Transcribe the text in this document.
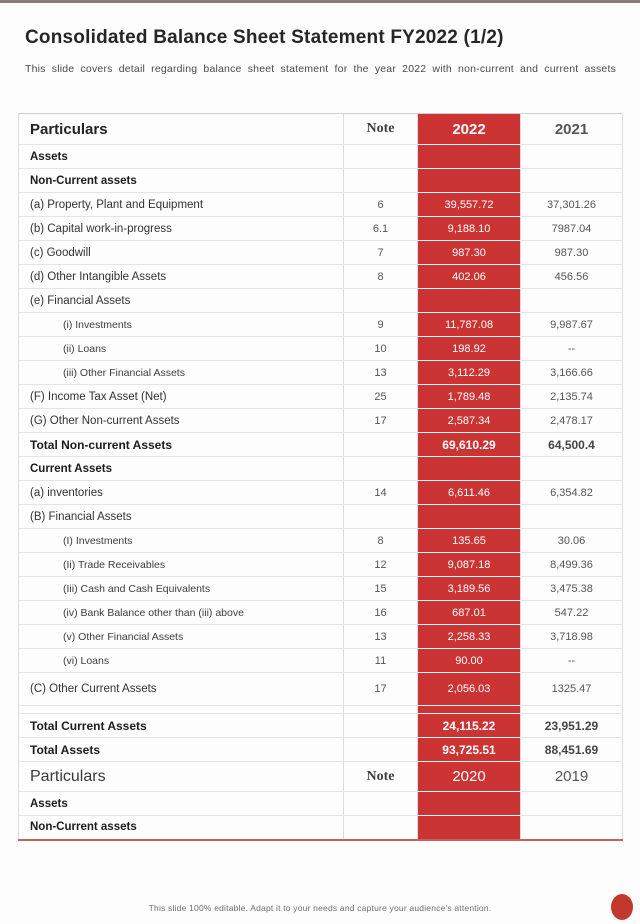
Consolidated Balance Sheet Statement FY2022 (1/2)
This slide covers detail regarding balance sheet statement for the year 2022 with non-current and current assets
Particulars	Note	2022	2021
Assets			
Non-Current assets			
(a) Property, Plant and Equipment	6	39,557.72	37,301.26
(b) Capital work-in-progress	6.1	9,188.10	7987.04
(c) Goodwill	7	987.30	987.30
(d) Other Intangible Assets	8	402.06	456.56
(e) Financial Assets			
(i) Investments	9	11,787.08	9,987.67
(ii) Loans	10	198.92	--
(iii) Other Financial Assets	13	3,112.29	3,166.66
(F) Income Tax Asset (Net)	25	1,789.48	2,135.74
(G) Other Non-current Assets	17	2,587.34	2,478.17
Total Non-current Assets		69,610.29	64,500.4
Current Assets			
(a) inventories	14	6,611.46	6,354.82
(B) Financial Assets			
(I) Investments	8	135.65	30.06
(Ii) Trade Receivables	12	9,087.18	8,499.36
(Iii) Cash and Cash Equivalents	15	3,189.56	3,475.38
(iv) Bank Balance other than (iii) above	16	687.01	547.22
(v) Other Financial Assets	13	2,258.33	3,718.98
(vi) Loans	11	90.00	--
(C) Other Current Assets	17	2,056.03	1325.47

Total Current Assets		24,115.22	23,951.29
Total Assets		93,725.51	88,451.69
Particulars	Note	2020	2019
Assets			
Non-Current assets			
This slide 100% editable. Adapt it to your needs and capture your audience's attention.
